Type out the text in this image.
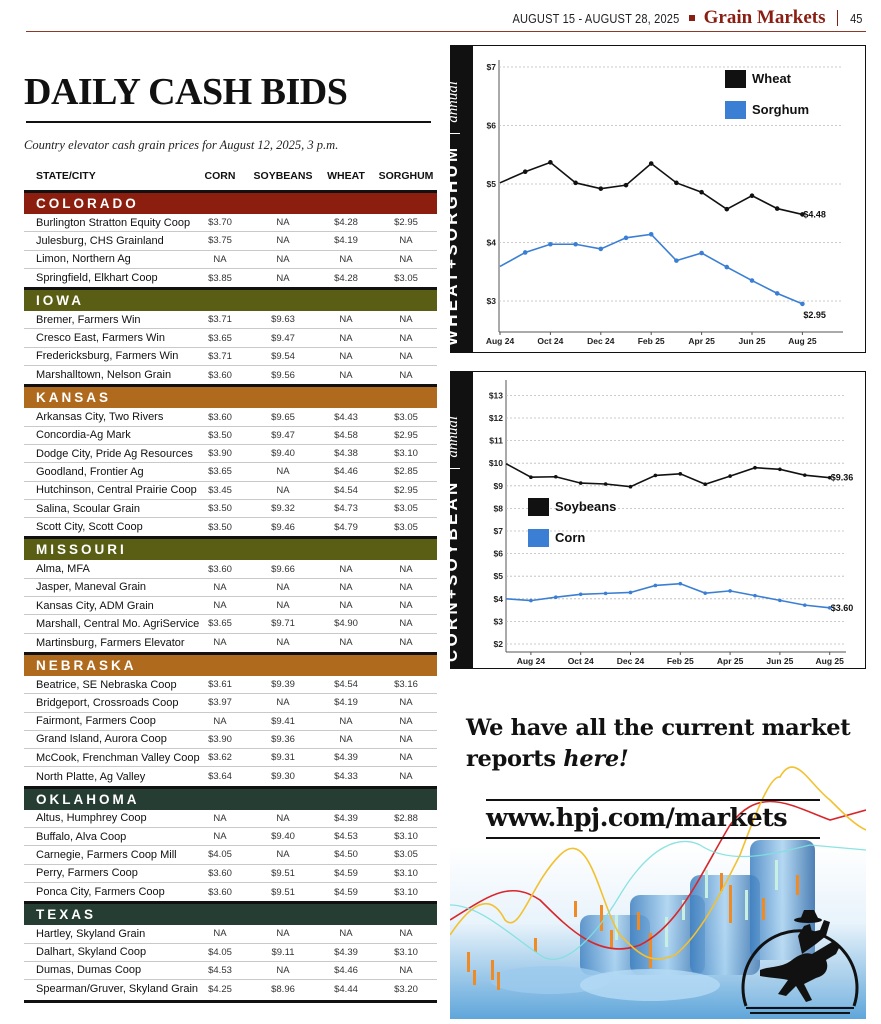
AUGUST 15 - AUGUST 28, 2025 Grain Markets 45
DAILY CASH BIDS
Country elevator cash grain prices for August 12, 2025, 3 p.m.
STATE/CITY	CORN	SOYBEANS	WHEAT	SORGHUM
COLORADO
Burlington Stratton Equity Coop	$3.70	NA	$4.28	$2.95
Julesburg, CHS Grainland	$3.75	NA	$4.19	NA
Limon, Northern Ag	NA	NA	NA	NA
Springfield, Elkhart Coop	$3.85	NA	$4.28	$3.05
IOWA
Bremer, Farmers Win	$3.71	$9.63	NA	NA
Cresco East, Farmers Win	$3.65	$9.47	NA	NA
Fredericksburg, Farmers Win	$3.71	$9.54	NA	NA
Marshalltown, Nelson Grain	$3.60	$9.56	NA	NA
KANSAS
Arkansas City, Two Rivers	$3.60	$9.65	$4.43	$3.05
Concordia-Ag Mark	$3.50	$9.47	$4.58	$2.95
Dodge City, Pride Ag Resources	$3.90	$9.40	$4.38	$3.10
Goodland, Frontier Ag	$3.65	NA	$4.46	$2.85
Hutchinson, Central Prairie Coop	$3.45	NA	$4.54	$2.95
Salina, Scoular Grain	$3.50	$9.32	$4.73	$3.05
Scott City, Scott Coop	$3.50	$9.46	$4.79	$3.05
MISSOURI
Alma, MFA	$3.60	$9.66	NA	NA
Jasper, Maneval Grain	NA	NA	NA	NA
Kansas City, ADM Grain	NA	NA	NA	NA
Marshall, Central Mo. AgriService $3.65	$9.71	$4.90	NA
Martinsburg, Farmers Elevator	NA	NA	NA	NA
NEBRASKA
Beatrice, SE Nebraska Coop	$3.61	$9.39	$4.54	$3.16
Bridgeport, Crossroads Coop	$3.97	NA	$4.19	NA
Fairmont, Farmers Coop	NA	$9.41	NA	NA
Grand Island, Aurora Coop	$3.90	$9.36	NA	NA
McCook, Frenchman Valley Coop $3.62	$9.31	$4.39	NA
North Platte, Ag Valley	$3.64	$9.30	$4.33	NA
OKLAHOMA
Altus, Humphrey Coop	NA	NA	$4.39	$2.88
Buffalo, Alva Coop	NA	$9.40	$4.53	$3.10
Carnegie, Farmers Coop Mill	$4.05	NA	$4.50	$3.05
Perry, Farmers Coop	$3.60	$9.51	$4.59	$3.10
Ponca City, Farmers Coop	$3.60	$9.51	$4.59	$3.10
TEXAS
Hartley, Skyland Grain	NA	NA	NA	NA
Dalhart, Skyland Coop	$4.05	$9.11	$4.39	$3.10
Dumas, Dumas Coop	$4.53	NA	$4.46	NA
Spearman/Gruver, Skyland Grain	$4.25	$8.96	$4.44	$3.20
WHEAT+SORGHUM  annual
$3
$4
$5
$6
$7
Aug 24	Oct 24	Dec 24	Feb 25	Apr 25	Jun 25	Aug 25
$4.48
$2.95
Wheat
Sorghum
CORN+SOYBEAN  annual
$2
$3
$4
$5
$6
$7
$8
$9
$10
$11
$12
$13
Aug 24	Oct 24	Dec 24	Feb 25	Apr 25	Jun 25	Aug 25
$9.36
$3.60
Soybeans
Corn
We have all the current market reports here!
www.hpj.com/markets
